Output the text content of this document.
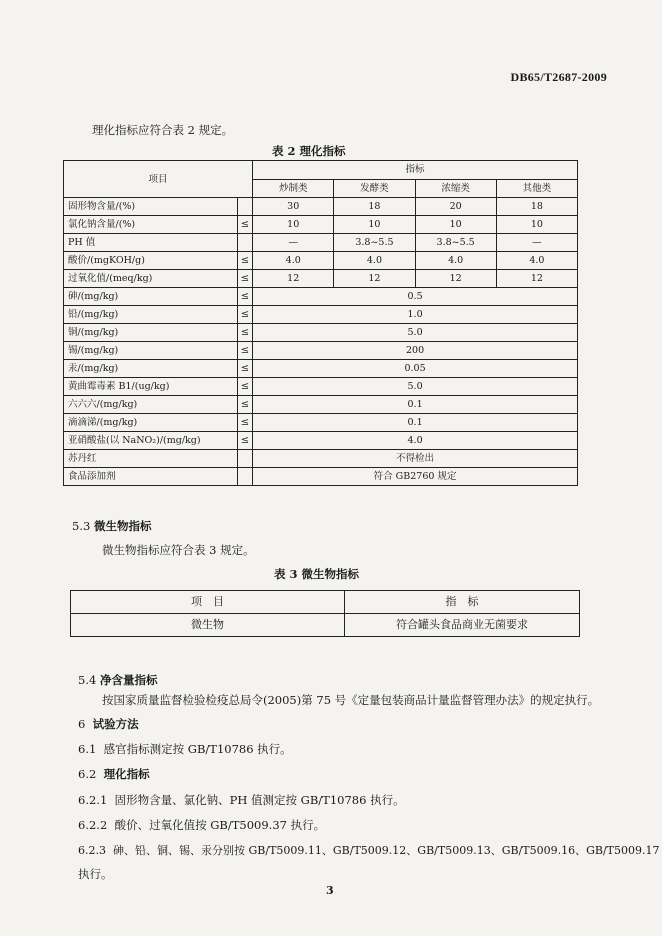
DB65/T2687-2009
理化指标应符合表 2 规定。
表 2 理化指标
项目		指标			
		炒制类	发酵类	浓缩类	其他类
固形物含量/(%)		30	18	20	18
氯化钠含量/(%)	≤	10	10	10	10
PH 值		—	3.8~5.5	3.8~5.5	—
酸价/(mgKOH/g)	≤	4.0	4.0	4.0	4.0
过氧化值/(meq/kg)	≤	12	12	12	12
砷/(mg/kg)	≤	0.5			
铅/(mg/kg)	≤	1.0			
铜/(mg/kg)	≤	5.0			
锡/(mg/kg)	≤	200			
汞/(mg/kg)	≤	0.05			
黄曲霉毒素 B1/(ug/kg)	≤	5.0			
六六六/(mg/kg)	≤	0.1			
滴滴涕/(mg/kg)	≤	0.1			
亚硝酸盐(以 NaNO₂)/(mg/kg)	≤	4.0			
苏丹红		不得检出			
食品添加剂		符合 GB2760 规定			
5.3 微生物指标
微生物指标应符合表 3 规定。
表 3 微生物指标
项　目	指　标
微生物	符合罐头食品商业无菌要求
5.4 净含量指标
按国家质量监督检验检疫总局令(2005)第 75 号《定量包装商品计量监督管理办法》的规定执行。
6 试验方法
6.1 感官指标测定按 GB/T10786 执行。
6.2 理化指标
6.2.1 固形物含量、氯化钠、PH 值测定按 GB/T10786 执行。
6.2.2 酸价、过氧化值按 GB/T5009.37 执行。
6.2.3 砷、铅、铜、锡、汞分别按 GB/T5009.11、GB/T5009.12、GB/T5009.13、GB/T5009.16、GB/T5009.17
执行。
3
